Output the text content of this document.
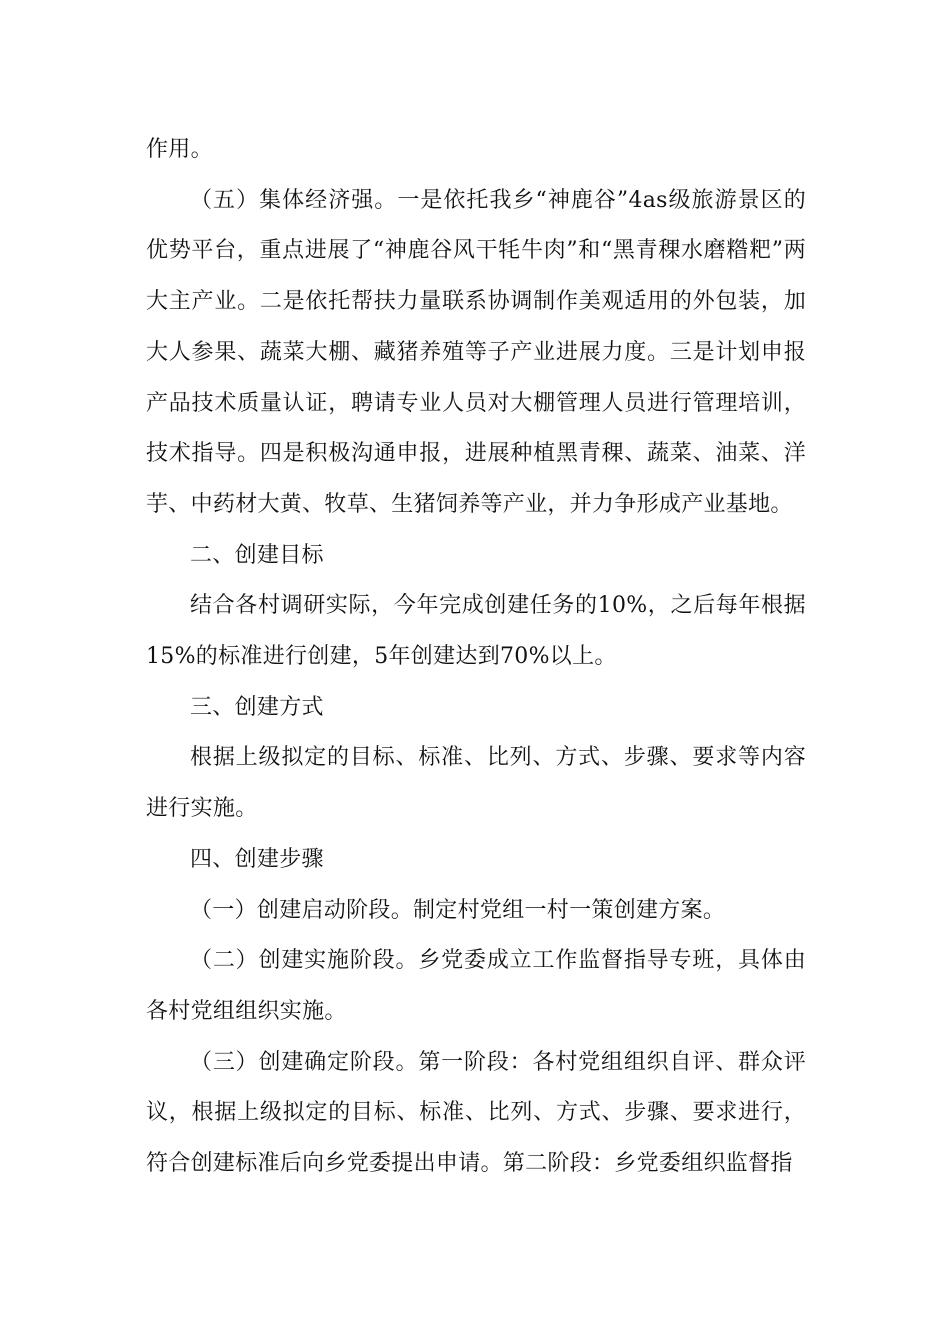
作用。

（五）集体经济强。一是依托我乡“神鹿谷”4as级旅游景区的优势平台，重点进展了“神鹿谷风干牦牛肉”和“黑青稞水磨糌粑”两大主产业。二是依托帮扶力量联系协调制作美观适用的外包装，加大人参果、蔬菜大棚、藏猪养殖等子产业进展力度。三是计划申报产品技术质量认证，聘请专业人员对大棚管理人员进行管理培训，技术指导。四是积极沟通申报，进展种植黑青稞、蔬菜、油菜、洋芋、中药材大黄、牧草、生猪饲养等产业，并力争形成产业基地。

二、创建目标

结合各村调研实际，今年完成创建任务的10%，之后每年根据15%的标准进行创建，5年创建达到70%以上。

三、创建方式

根据上级拟定的目标、标准、比列、方式、步骤、要求等内容进行实施。

四、创建步骤

（一）创建启动阶段。制定村党组一村一策创建方案。

（二）创建实施阶段。乡党委成立工作监督指导专班，具体由各村党组组织实施。

（三）创建确定阶段。第一阶段：各村党组组织自评、群众评议，根据上级拟定的目标、标准、比列、方式、步骤、要求进行，符合创建标准后向乡党委提出申请。第二阶段：乡党委组织监督指
